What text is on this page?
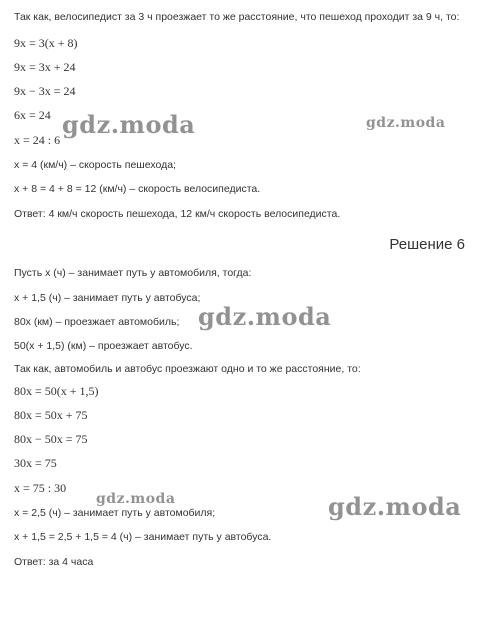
Так как, велосипедист за 3 ч проезжает то же расстояние, что пешеход проходит за 9 ч, то:
9x = 3(x + 8)
9x = 3x + 24
9x − 3x = 24
6x = 24
x = 24 : 6
x = 4 (км/ч) – скорость пешехода;
x + 8 = 4 + 8 = 12 (км/ч) – скорость велосипедиста.
Ответ: 4 км/ч скорость пешехода, 12 км/ч скорость велосипедиста.
Решение 6
Пусть x (ч) – занимает путь у автомобиля, тогда:
x + 1,5 (ч) – занимает путь у автобуса;
80x (км) – проезжает автомобиль;
50(x + 1,5) (км) – проезжает автобус.
Так как, автомобиль и автобус проезжают одно и то же расстояние, то:
80x = 50(x + 1,5)
80x = 50x + 75
80x − 50x = 75
30x = 75
x = 75 : 30
x = 2,5 (ч) – занимает путь у автомобиля;
x + 1,5 = 2,5 + 1,5 = 4 (ч) – занимает путь у автобуса.
Ответ: за 4 часа
gdz.moda	gdz.moda
gdz.moda
gdz.moda	gdz.moda
